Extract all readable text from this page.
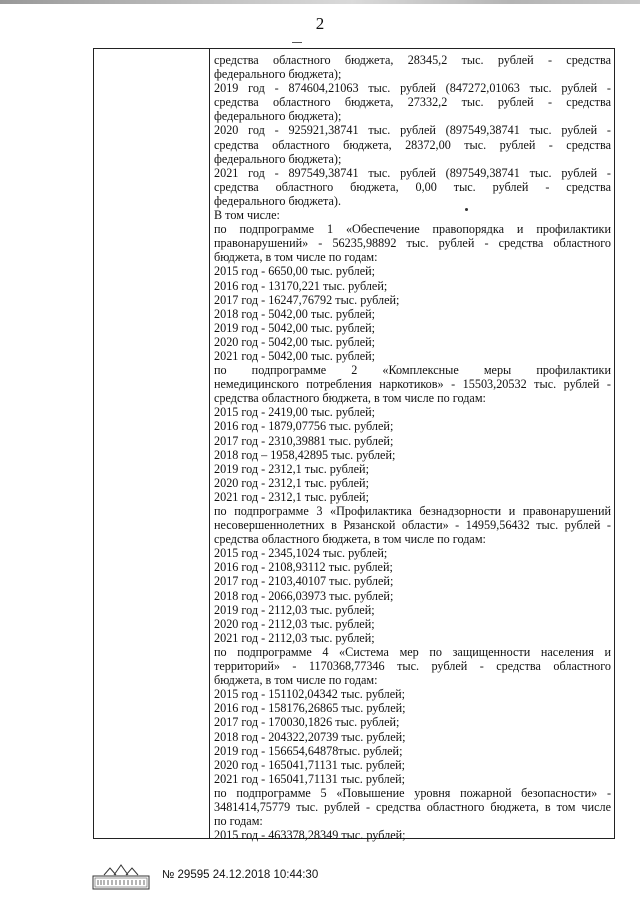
2
средства областного бюджета, 28345,2 тыс. рублей - средства
федерального бюджета);
2019 год - 874604,21063 тыс. рублей (847272,01063 тыс. рублей -
средства областного бюджета, 27332,2 тыс. рублей - средства
федерального бюджета);
2020 год - 925921,38741 тыс. рублей (897549,38741 тыс. рублей -
средства областного бюджета, 28372,00 тыс. рублей - средства
федерального бюджета);
2021 год - 897549,38741 тыс. рублей (897549,38741 тыс. рублей -
средства областного бюджета, 0,00 тыс. рублей - средства
федерального бюджета).
В том числе:
по подпрограмме 1 «Обеспечение правопорядка и профилактики
правонарушений» - 56235,98892 тыс. рублей - средства областного
бюджета, в том числе по годам:
2015 год - 6650,00 тыс. рублей;
2016 год - 13170,221 тыс. рублей;
2017 год - 16247,76792 тыс. рублей;
2018 год - 5042,00 тыс. рублей;
2019 год - 5042,00 тыс. рублей;
2020 год - 5042,00 тыс. рублей;
2021 год - 5042,00 тыс. рублей;
по подпрограмме 2 «Комплексные меры профилактики
немедицинского потребления наркотиков» - 15503,20532 тыс. рублей -
средства областного бюджета, в том числе по годам:
2015 год - 2419,00 тыс. рублей;
2016 год - 1879,07756 тыс. рублей;
2017 год - 2310,39881 тыс. рублей;
2018 год – 1958,42895 тыс. рублей;
2019 год - 2312,1 тыс. рублей;
2020 год - 2312,1 тыс. рублей;
2021 год - 2312,1 тыс. рублей;
по подпрограмме 3 «Профилактика безнадзорности и правонарушений
несовершеннолетних в Рязанской области» - 14959,56432 тыс. рублей -
средства областного бюджета, в том числе по годам:
2015 год - 2345,1024 тыс. рублей;
2016 год - 2108,93112 тыс. рублей;
2017 год - 2103,40107 тыс. рублей;
2018 год - 2066,03973 тыс. рублей;
2019 год - 2112,03 тыс. рублей;
2020 год - 2112,03 тыс. рублей;
2021 год - 2112,03 тыс. рублей;
по подпрограмме 4 «Система мер по защищенности населения и
территорий» - 1170368,77346 тыс. рублей - средства областного
бюджета, в том числе по годам:
2015 год - 151102,04342 тыс. рублей;
2016 год - 158176,26865 тыс. рублей;
2017 год - 170030,1826 тыс. рублей;
2018 год - 204322,20739 тыс. рублей;
2019 год - 156654,64878тыс. рублей;
2020 год - 165041,71131 тыс. рублей;
2021 год - 165041,71131 тыс. рублей;
по подпрограмме 5 «Повышение уровня пожарной безопасности» -
3481414,75779 тыс. рублей - средства областного бюджета, в том числе
по годам:
2015 год - 463378,28349 тыс. рублей;
№ 29595 24.12.2018 10:44:30
